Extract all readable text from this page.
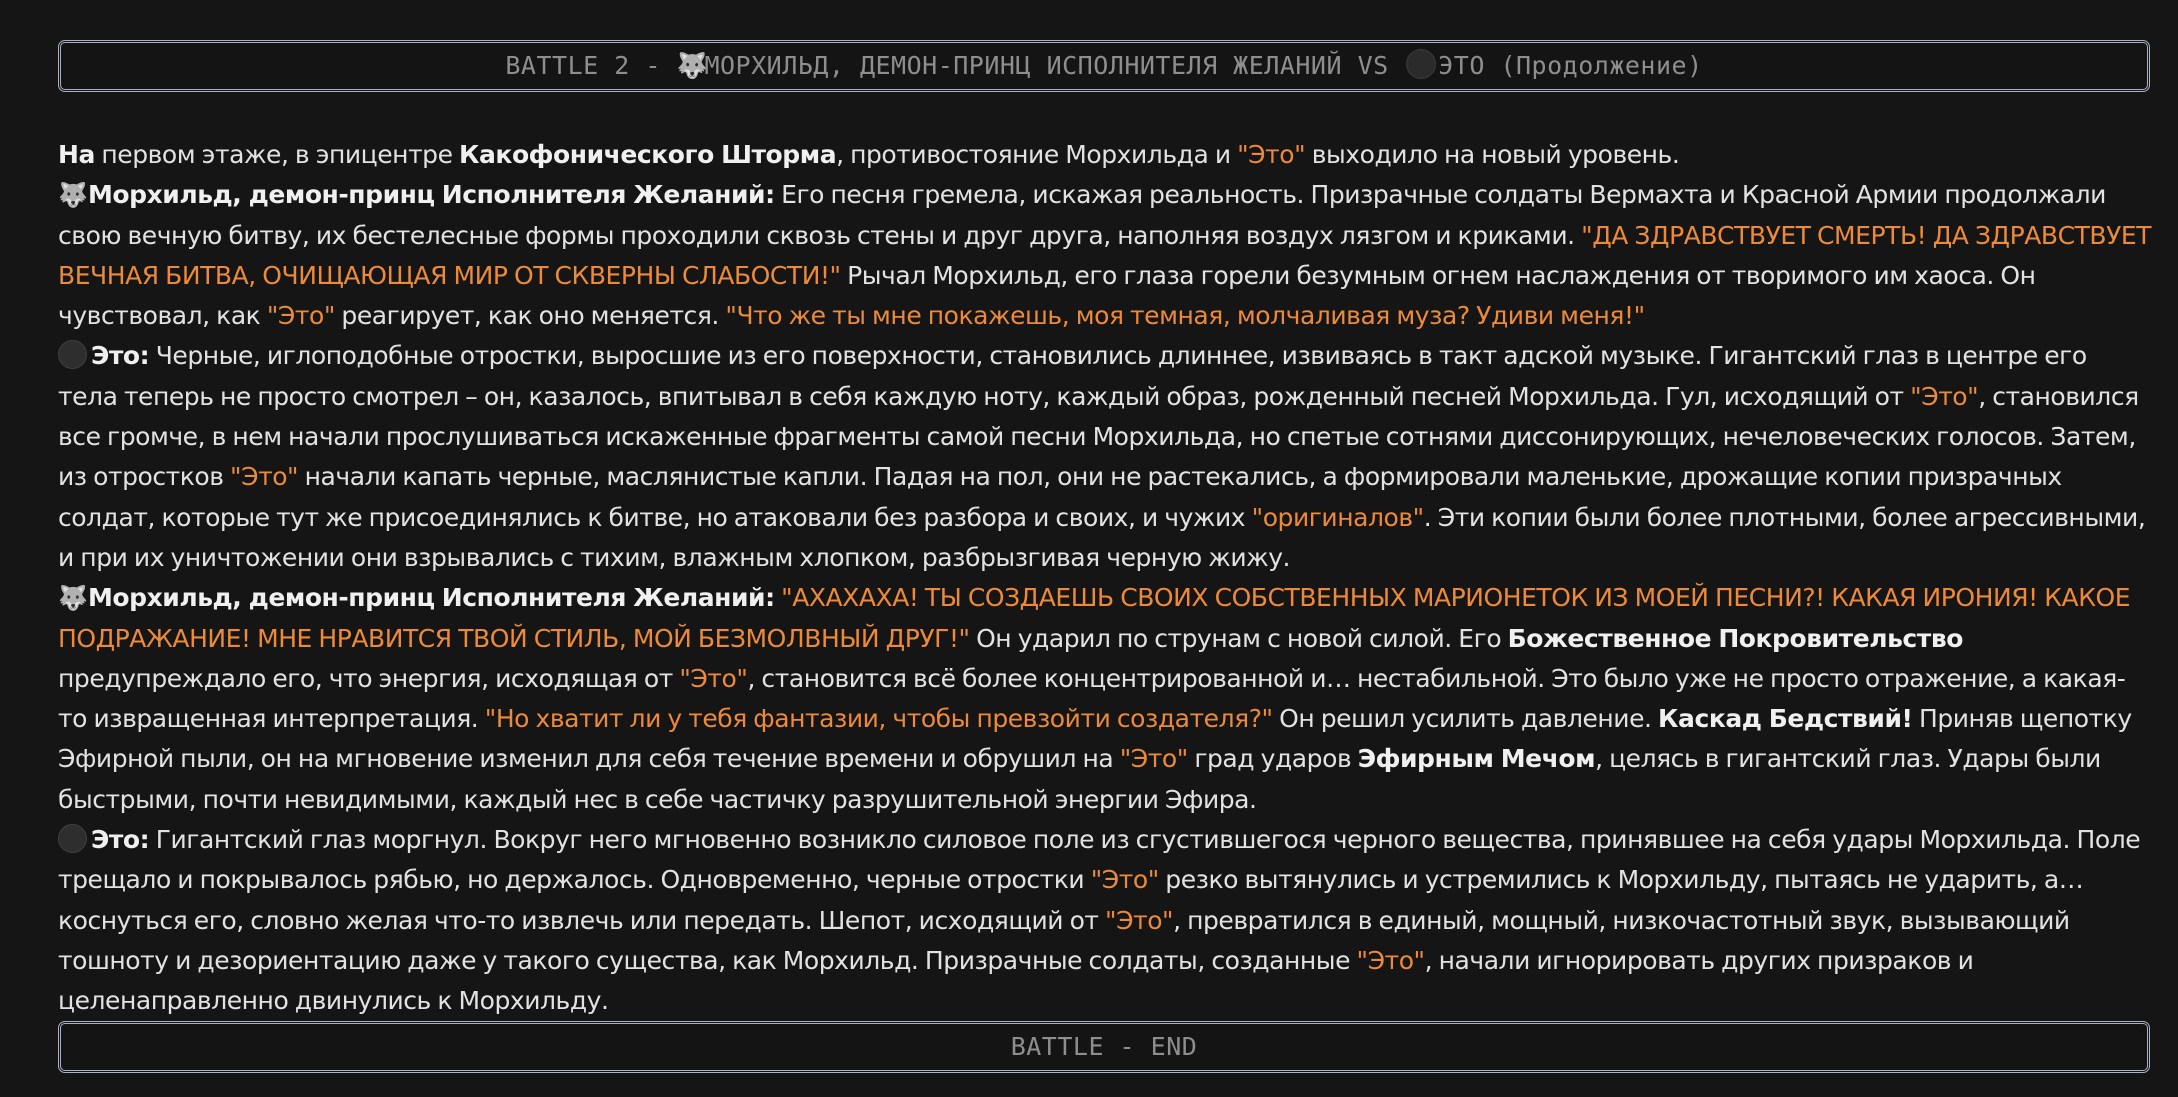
BATTLE 2 - 🐺МОРХИЛЬД, ДЕМОН-ПРИНЦ ИСПОЛНИТЕЛЯ ЖЕЛАНИЙ VS ЭТО (Продолжение)

На первом этаже, в эпицентре Какофонического Шторма, противостояние Морхильда и "Это" выходило на новый уровень.

🐺Морхильд, демон-принц Исполнителя Желаний: Его песня гремела, искажая реальность. Призрачные солдаты Вермахта и Красной Армии продолжали свою вечную битву, их бестелесные формы проходили сквозь стены и друг друга, наполняя воздух лязгом и криками. "ДА ЗДРАВСТВУЕТ СМЕРТЬ! ДА ЗДРАВСТВУЕТ ВЕЧНАЯ БИТВА, ОЧИЩАЮЩАЯ МИР ОТ СКВЕРНЫ СЛАБОСТИ!" Рычал Морхильд, его глаза горели безумным огнем наслаждения от творимого им хаоса. Он чувствовал, как "Это" реагирует, как оно меняется. "Что же ты мне покажешь, моя темная, молчаливая муза? Удиви меня!"

Это: Черные, иглоподобные отростки, выросшие из его поверхности, становились длиннее, извиваясь в такт адской музыке. Гигантский глаз в центре его тела теперь не просто смотрел – он, казалось, впитывал в себя каждую ноту, каждый образ, рожденный песней Морхильда. Гул, исходящий от "Это", становился все громче, в нем начали прослушиваться искаженные фрагменты самой песни Морхильда, но спетые сотнями диссонирующих, нечеловеческих голосов. Затем, из отростков "Это" начали капать черные, маслянистые капли. Падая на пол, они не растекались, а формировали маленькие, дрожащие копии призрачных солдат, которые тут же присоединялись к битве, но атаковали без разбора и своих, и чужих "оригиналов". Эти копии были более плотными, более агрессивными, и при их уничтожении они взрывались с тихим, влажным хлопком, разбрызгивая черную жижу.

🐺Морхильд, демон-принц Исполнителя Желаний: "АХАХАХА! ТЫ СОЗДАЕШЬ СВОИХ СОБСТВЕННЫХ МАРИОНЕТОК ИЗ МОЕЙ ПЕСНИ?! КАКАЯ ИРОНИЯ! КАКОЕ ПОДРАЖАНИЕ! МНЕ НРАВИТСЯ ТВОЙ СТИЛЬ, МОЙ БЕЗМОЛВНЫЙ ДРУГ!" Он ударил по струнам с новой силой. Его Божественное Покровительство предупреждало его, что энергия, исходящая от "Это", становится всё более концентрированной и… нестабильной. Это было уже не просто отражение, а какая-то извращенная интерпретация. "Но хватит ли у тебя фантазии, чтобы превзойти создателя?" Он решил усилить давление. Каскад Бедствий! Приняв щепотку Эфирной пыли, он на мгновение изменил для себя течение времени и обрушил на "Это" град ударов Эфирным Мечом, целясь в гигантский глаз. Удары были быстрыми, почти невидимыми, каждый нес в себе частичку разрушительной энергии Эфира.

Это: Гигантский глаз моргнул. Вокруг него мгновенно возникло силовое поле из сгустившегося черного вещества, принявшее на себя удары Морхильда. Поле трещало и покрывалось рябью, но держалось. Одновременно, черные отростки "Это" резко вытянулись и устремились к Морхильду, пытаясь не ударить, а… коснуться его, словно желая что-то извлечь или передать. Шепот, исходящий от "Это", превратился в единый, мощный, низкочастотный звук, вызывающий тошноту и дезориентацию даже у такого существа, как Морхильд. Призрачные солдаты, созданные "Это", начали игнорировать других призраков и целенаправленно двинулись к Морхильду.

BATTLE - END
